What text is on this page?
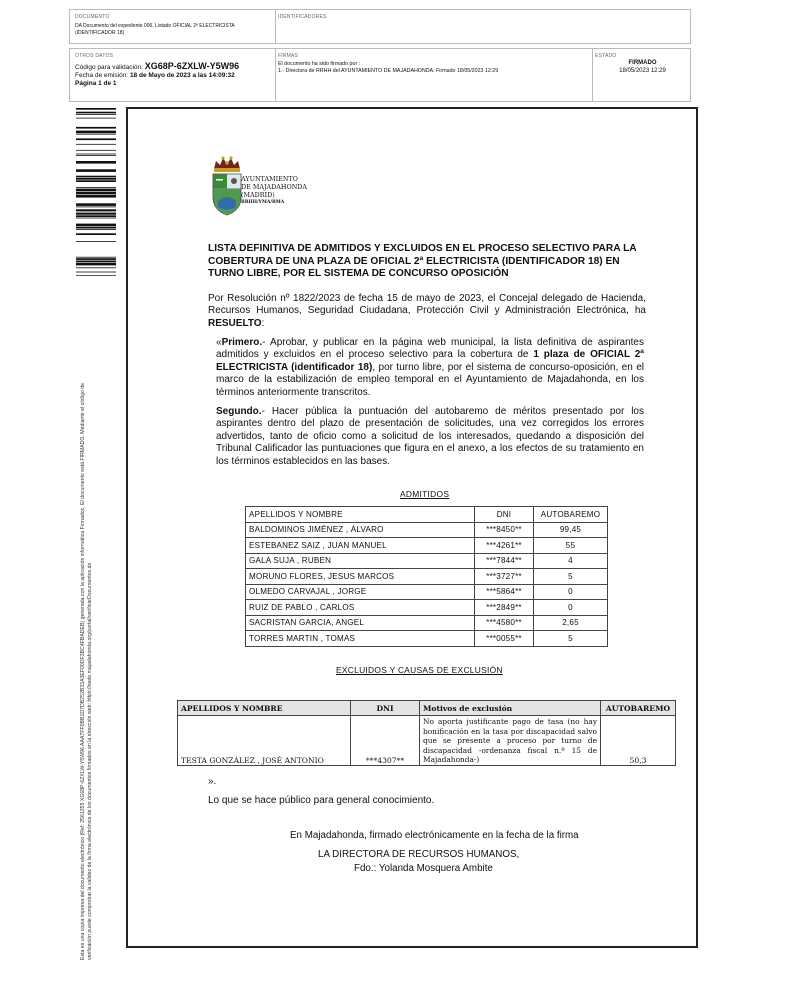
DOCUMENTO
DA Documento del expediente 006, Listado OFICIAL 2ª ELECTRICISTA (IDENTIFICADOR 18)
IDENTIFICADORES
OTROS DATOS
Código para validación: XG68P-6ZXLW-Y5W96
Fecha de emisión: 18 de Mayo de 2023 a las 14:09:32
Página 1 de 1
FIRMAS
El documento ha sido firmado por :
1.- Directora de RRHH del AYUNTAMIENTO DE MAJADAHONDA. Firmado 18/05/2023 12:29
ESTADO
FIRMADO
18/05/2023 12:29
Esta es una copia impresa del documento electrónico (Ref: 2561255 XG68P-6ZXLW-Y5W96 AAA7FF0BB1D7DB252B33A3EF00DF3BC4FBADEB) generada con la aplicación informática Firmadoc. El documento está FIRMADO. Mediante el código de verificación puede comprobar la validez de la firma electrónica de los documentos firmados en la dirección web: https://sede.majadahonda.org/portal/verificarDocumentos.do
AYUNTAMIENTO
DE MAJADAHONDA
(MADRID)
RRHH/YMA/BMA
LISTA DEFINITIVA DE ADMITIDOS Y EXCLUIDOS EN EL PROCESO SELECTIVO PARA LA COBERTURA DE UNA PLAZA DE OFICIAL 2ª ELECTRICISTA (IDENTIFICADOR 18) EN TURNO LIBRE, POR EL SISTEMA DE CONCURSO OPOSICIÓN
Por Resolución nº 1822/2023 de fecha 15 de mayo de 2023, el Concejal delegado de Hacienda, Recursos Humanos, Seguridad Ciudadana, Protección Civil y Administración Electrónica, ha RESUELTO:
«Primero.- Aprobar, y publicar en la página web municipal, la lista definitiva de aspirantes admitidos y excluidos en el proceso selectivo para la cobertura de 1 plaza de OFICIAL 2ª ELECTRICISTA (identificador 18), por turno libre, por el sistema de concurso-oposición, en el marco de la estabilización de empleo temporal en el Ayuntamiento de Majadahonda, en los términos anteriormente transcritos.
Segundo.- Hacer pública la puntuación del autobaremo de méritos presentado por los aspirantes dentro del plazo de presentación de solicitudes, una vez corregidos los errores advertidos, tanto de oficio como a solicitud de los interesados, quedando a disposición del Tribunal Calificador las puntuaciones que figura en el anexo, a los efectos de su tratamiento en los términos establecidos en las bases.
ADMITIDOS
APELLIDOS Y NOMBRE	DNI	AUTOBAREMO
BALDOMINOS JIMÉNEZ , ÁLVARO	***8450**	99,45
ESTEBANEZ SAIZ , JUAN MANUEL	***4261**	55
GALA SUJA , RUBEN	***7844**	4
MORUNO FLORES, JESUS MARCOS	***3727**	5
OLMEDO CARVAJAL , JORGE	***5864**	0
RUIZ DE PABLO , CARLOS	***2849**	0
SACRISTAN GARCIA, ANGEL	***4580**	2,65
TORRES MARTIN , TOMAS	***0055**	5
EXCLUIDOS Y CAUSAS DE EXCLUSIÓN
APELLIDOS Y NOMBRE	DNI	Motivos de exclusión	AUTOBAREMO
TESTA GONZÁLEZ , JOSÉ ANTONIO	***4307**	No aporta justificante pago de tasa (no hay bonificación en la tasa por discapacidad salvo que se presente a proceso por turno de discapacidad -ordenanza fiscal n.º 15 de Majadahonda-)	50,3
».
Lo que se hace público para general conocimiento.
En Majadahonda, firmado electrónicamente en la fecha de la firma
LA DIRECTORA DE RECURSOS HUMANOS,
Fdo.: Yolanda Mosquera Ambite
